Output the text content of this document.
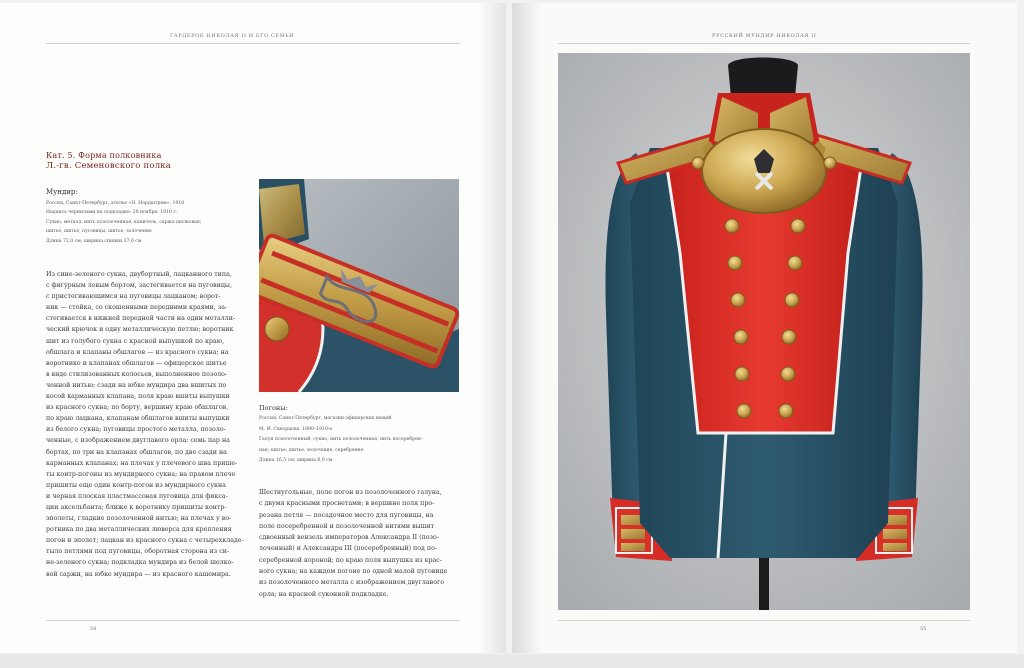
ГАРДЕРОБ НИКОЛАЯ II И ЕГО СЕМЬИ
Кат. 5. Форма полковника
Л.-гв. Семеновского полка
Мундир:
Россия, Санкт-Петербург, ателье «Н. Нордштрем». 1910
Надпись чернилами на подкладке: 20 ноября. 1910 г.
Сукно, металл, нить позолоченная, канитель, саржа шелковая;
шитье, шитье, пуговицы, шитье, золочение
Длина 72,0 см; ширина спинки 37,0 см
Из сине-зеленого сукна, двубортный, лацканного типа,
с фигурным левым бортом, застегивается на пуговицы,
с пристегивающимся на пуговицы лацканом; ворот-
ник — стойка, со скошенными передними краями, за-
стегивается в нижней передней части на один металли-
ческий крючок и одну металлическую петлю; воротник
шит из голубого сукна с красной выпушкой по краю,
обшлага и клапаны обшлагов — из красного сукна; на
воротнике и клапанах обшлагов — офицерское шитье
в виде стилизованных колосьев, выполненное позоло-
ченной нитью; сзади на юбке мундира два вшитых по
косой карманных клапана, поля краю вшиты выпушки
из красного сукна; по борту, вершину краю обшлагов,
по краю лацкана, клапанам обшлагов вшиты выпушки
из белого сукна; пуговицы простого металла, позоло-
ченные, с изображением двуглавого орла: семь пар на
бортах, по три на клапанах обшлагов, по две сзади на
карманных клапанах; на плечах у плечевого шва прише-
ты контр-погоны из мундирного сукна; на правом плече
пришиты еще один контр-погон из мундирного сукна
и черная плоская пластмассовая пуговица для фикса-
ции аксельбанта; ближе к воротнику пришиты контр-
эполеты, гладкие позолоченной нитью; на плечах у во-
ротника по два металлических люверса для крепления
погон и эполет; лацкан из красного сукна с четырехкладе-
тыло петлями под пуговицы, оборотная сторона из си-
не-зеленого сукна; подкладка мундира из белой шелко-
вой саржи, на юбке мундира — из красного кашемира.
Погоны:
Россия, Санкт-Петербург, магазин офицерских вещей
М. И. Скворцова. 1890–1910-е
Галун позолоченный, сукно, нить позолоченная, нить посеребрен-
ная; шитье, шитье, золочение, серебрение
Длина 16,5 см; ширина 6,0 см
Шестиугольные, поле погон из позолоченного галуна,
с двумя красными просветами; в вершине поля про-
резана петля — посадочное место для пуговицы, на
поле посеребренной и позолоченной нитями вышит
сдвоенный вензель императоров Александра II (позо-
лоченный) и Александра III (посеребренный) под по-
серебренной короной; по краю поля выпушка из крас-
ного сукна; на каждом погоне по одной малой пуговице
из позолоченного металла с изображением двуглавого
орла; на красной суконной подкладке.
54
РУССКИЙ МУНДИР НИКОЛАЯ II
55
